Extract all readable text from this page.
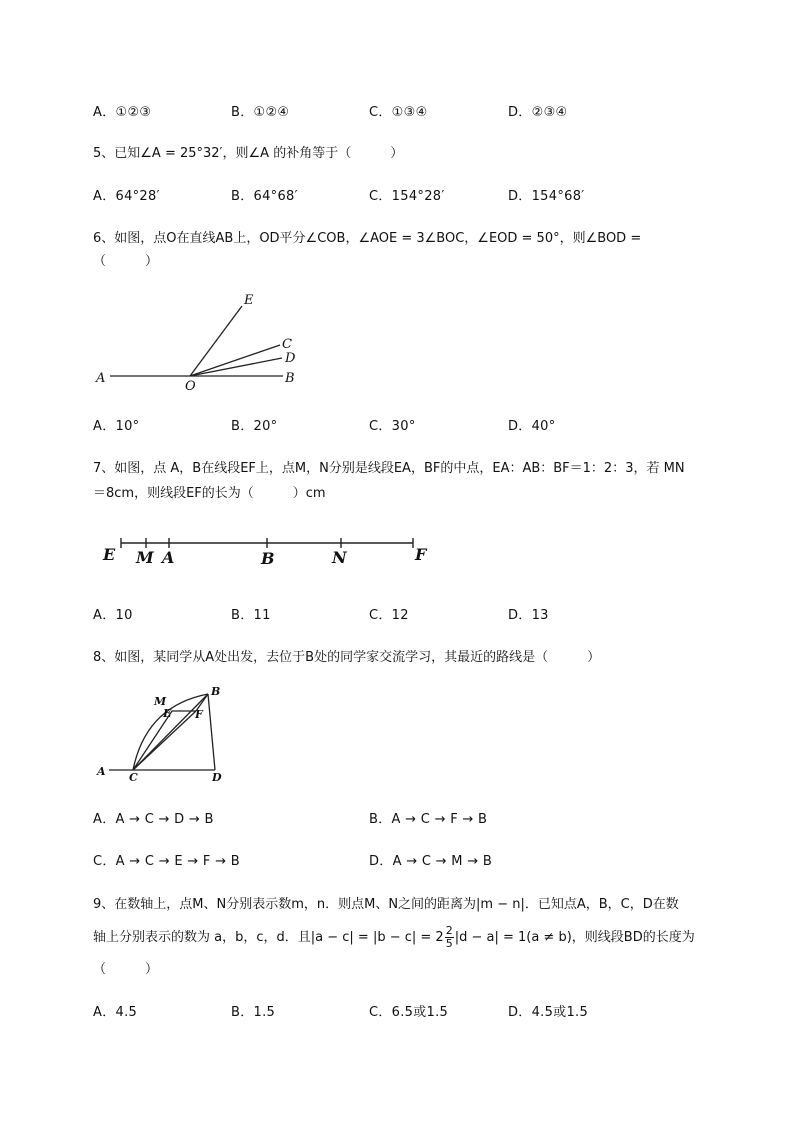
A．①②③	B．①②④	C．①③④	D．②③④
5、已知∠A = 25°32′，则∠A 的补角等于（　　　）
A．64°28′	B．64°68′	C．154°28′	D．154°68′
6、如图，点O在直线AB上，OD平分∠COB，∠AOE = 3∠BOC，∠EOD = 50°，则∠BOD =
（　　　）
E
C
D
A
O
B
A．10°	B．20°	C．30°	D．40°
7、如图，点 A，B在线段EF上，点M，N分别是线段EA，BF的中点，EA：AB：BF＝1：2：3，若 MN
＝8cm，则线段EF的长为（　　　）cm
E M A	B	N	F
A．10	B．11	C．12	D．13
8、如图，某同学从A处出发，去位于B处的同学家交流学习，其最近的路线是（　　　）
M
E F
B
A C	D
A．A → C → D → B	B．A → C → F → B
C．A → C → E → F → B	D．A → C → M → B
9、在数轴上，点M、N分别表示数m，n．则点M、N之间的距离为|m − n|．已知点A，B，C，D在数
轴上分别表示的数为 a，b，c，d．且$|a - c| = |b - c| = 2 \frac{2}{5} |d - a| = 1(a \ne b)$，则线段BD的长度为
（　　　）
A．4.5	B．1.5	C．6.5或1.5	D．4.5或1.5
